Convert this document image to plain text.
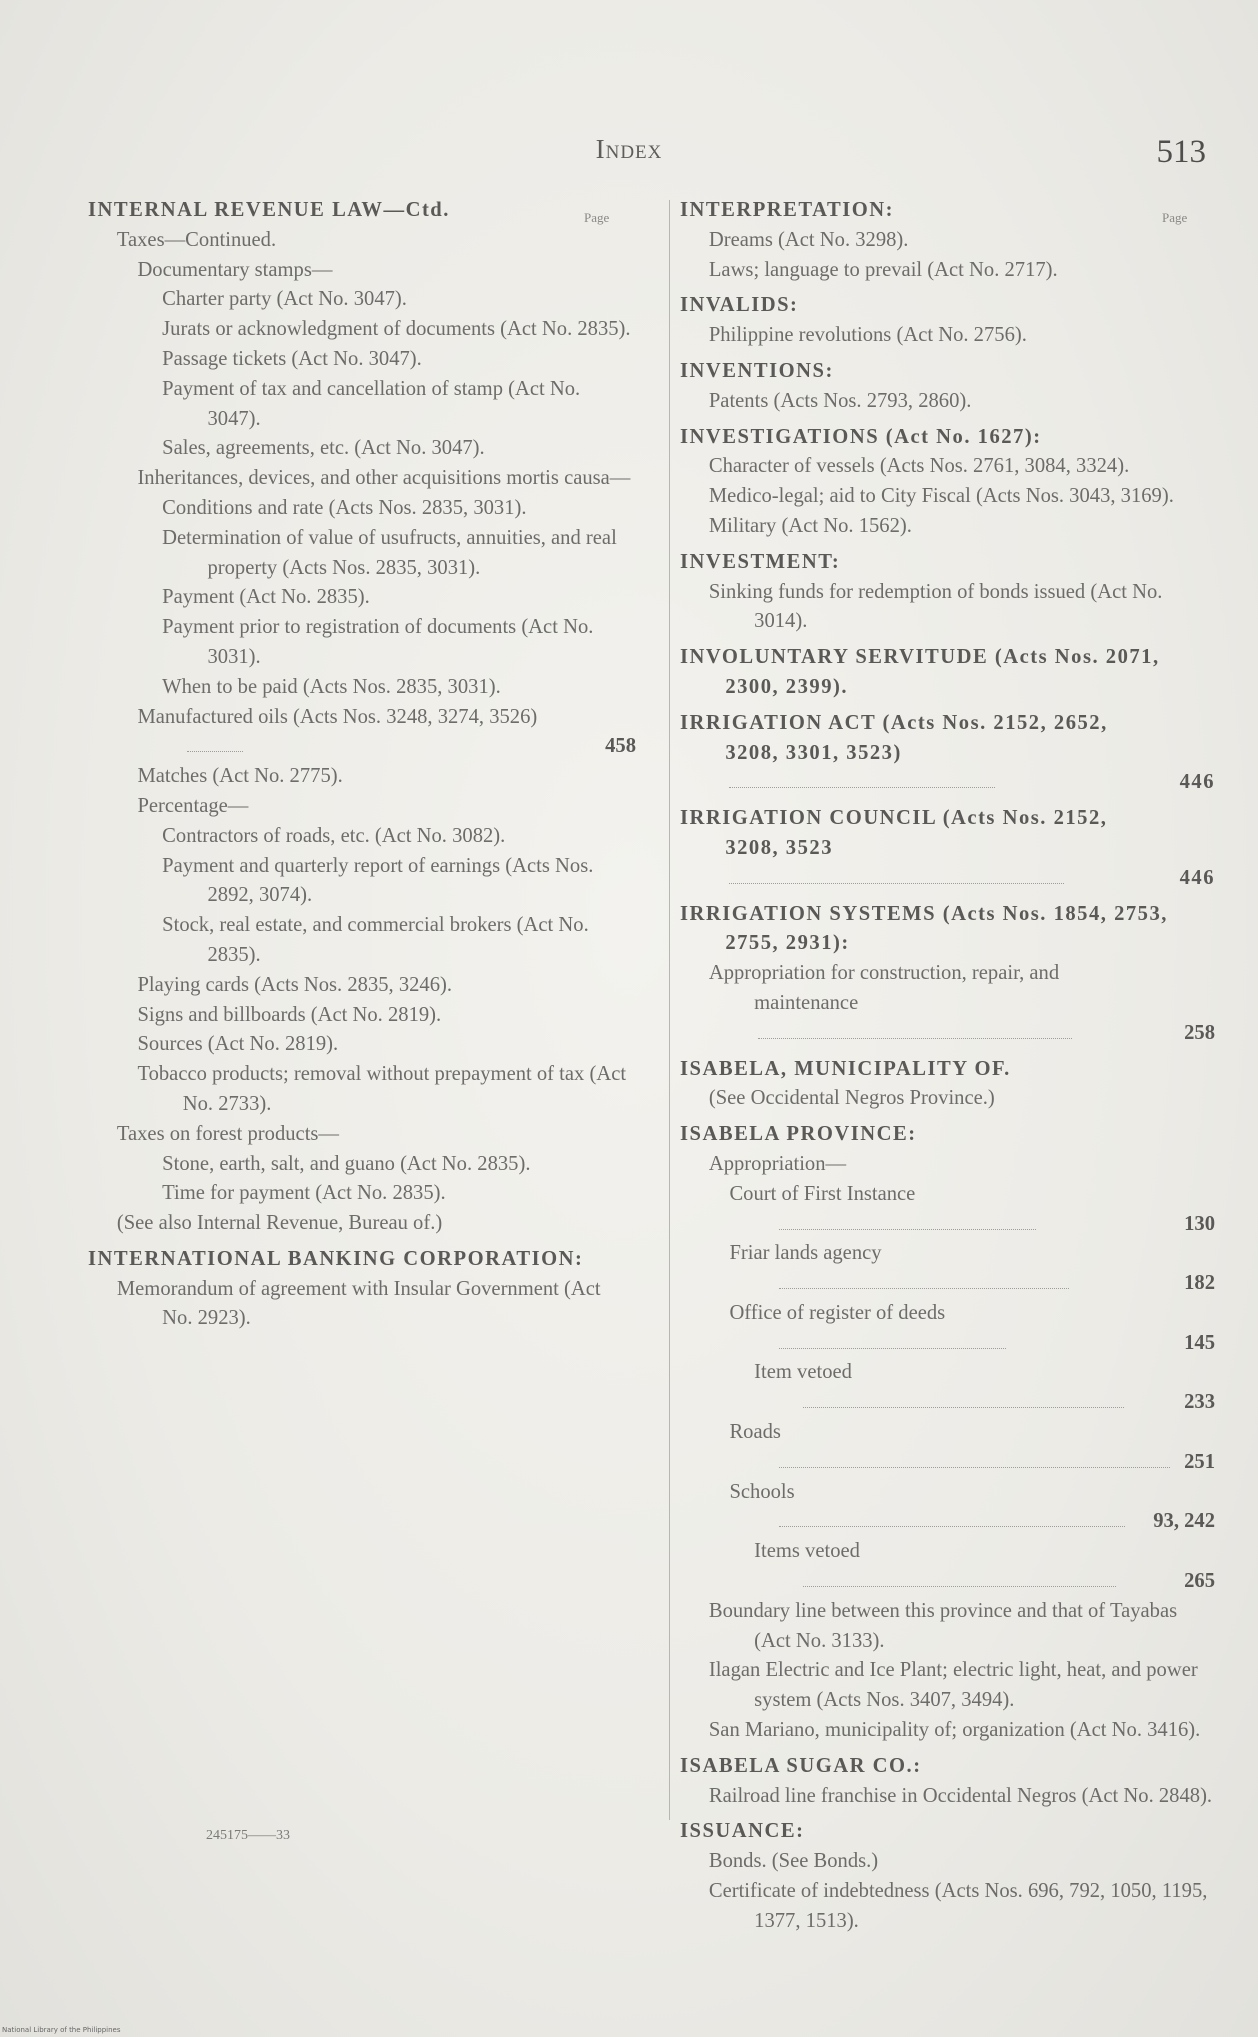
Index	513
Page	Page
INTERNAL REVENUE LAW—Ctd.
Taxes—Continued.
Documentary stamps—
Charter party (Act No. 3047).
Jurats or acknowledgment of documents (Act No. 2835).
Passage tickets (Act No. 3047).
Payment of tax and cancellation of stamp (Act No. 3047).
Sales, agreements, etc. (Act No. 3047).
Inheritances, devices, and other acquisitions mortis causa—
Conditions and rate (Acts Nos. 2835, 3031).
Determination of value of usufructs, annuities, and real property (Acts Nos. 2835, 3031).
Payment (Act No. 2835).
Payment prior to registration of documents (Act No. 3031).
When to be paid (Acts Nos. 2835, 3031).
Manufactured oils (Acts Nos. 3248, 3274, 3526)
458
Matches (Act No. 2775).
Percentage—
Contractors of roads, etc. (Act No. 3082).
Payment and quarterly report of earnings (Acts Nos. 2892, 3074).
Stock, real estate, and commercial brokers (Act No. 2835).
Playing cards (Acts Nos. 2835, 3246).
Signs and billboards (Act No. 2819).
Sources (Act No. 2819).
Tobacco products; removal without prepayment of tax (Act No. 2733).
Taxes on forest products—
Stone, earth, salt, and guano (Act No. 2835).
Time for payment (Act No. 2835).
(See also Internal Revenue, Bureau of.)
INTERNATIONAL BANKING CORPORATION:
Memorandum of agreement with Insular Government (Act No. 2923).
INTERPRETATION:
Dreams (Act No. 3298).
Laws; language to prevail (Act No. 2717).
INVALIDS:
Philippine revolutions (Act No. 2756).
INVENTIONS:
Patents (Acts Nos. 2793, 2860).
INVESTIGATIONS (Act No. 1627):
Character of vessels (Acts Nos. 2761, 3084, 3324).
Medico-legal; aid to City Fiscal (Acts Nos. 3043, 3169).
Military (Act No. 1562).
INVESTMENT:
Sinking funds for redemption of bonds issued (Act No. 3014).
INVOLUNTARY SERVITUDE (Acts Nos. 2071, 2300, 2399).
IRRIGATION ACT (Acts Nos. 2152, 2652, 3208, 3301, 3523)
446
IRRIGATION COUNCIL (Acts Nos. 2152, 3208, 3523
446
IRRIGATION SYSTEMS (Acts Nos. 1854, 2753, 2755, 2931):
Appropriation for construction, repair, and maintenance
258
ISABELA, MUNICIPALITY OF.
(See Occidental Negros Province.)
ISABELA PROVINCE:
Appropriation—
Court of First Instance
130
Friar lands agency
182
Office of register of deeds
145
Item vetoed
233
Roads
251
Schools
93, 242
Items vetoed
265
Boundary line between this province and that of Tayabas (Act No. 3133).
Ilagan Electric and Ice Plant; electric light, heat, and power system (Acts Nos. 3407, 3494).
San Mariano, municipality of; organization (Act No. 3416).
ISABELA SUGAR CO.:
Railroad line franchise in Occidental Negros (Act No. 2848).
ISSUANCE:
Bonds. (See Bonds.)
Certificate of indebtedness (Acts Nos. 696, 792, 1050, 1195, 1377, 1513).
245175——33
National Library of the Philippines
